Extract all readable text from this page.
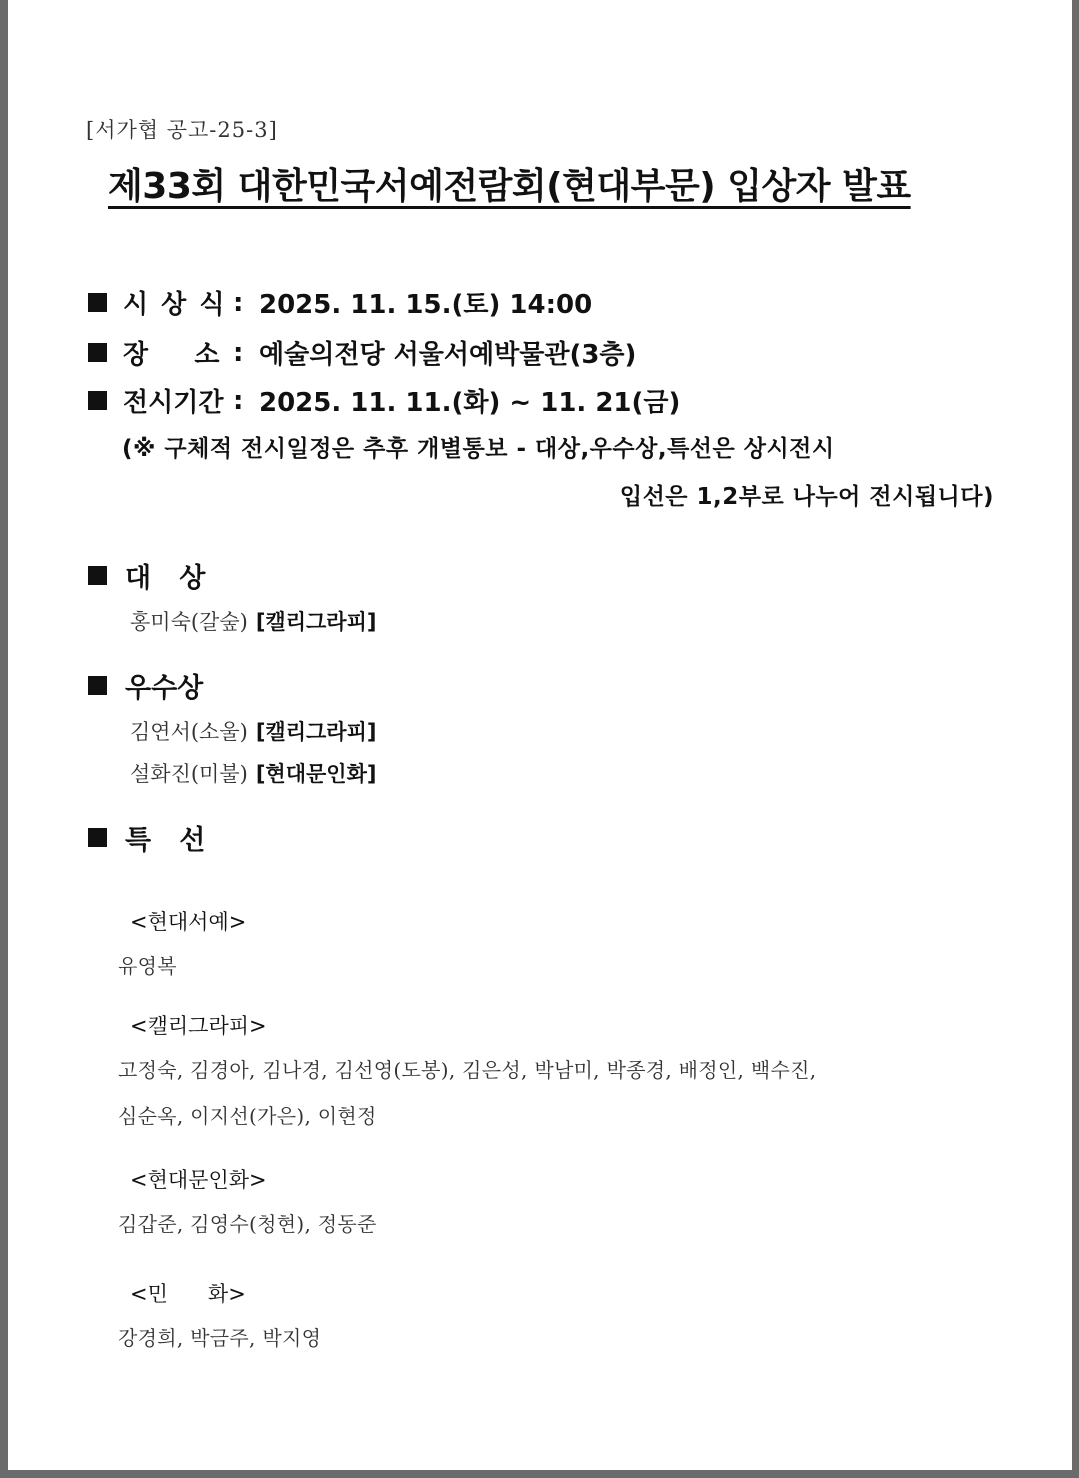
[서가협 공고-25-3]
제33회 대한민국서예전람회(현대부문) 입상자 발표
시 상 식 : 2025. 11. 15.(토) 14:00
장    소 : 예술의전당 서울서예박물관(3층)
전시기간 : 2025. 11. 11.(화) ~ 11. 21(금)
(※ 구체적 전시일정은 추후 개별통보 - 대상,우수상,특선은 상시전시
입선은 1,2부로 나누어 전시됩니다)
대   상
홍미숙(갈숲) [캘리그라피]
우수상
김연서(소울) [캘리그라피]
설화진(미불) [현대문인화]
특   선
<현대서예>
유영복
<캘리그라피>
고정숙, 김경아, 김나경, 김선영(도봉), 김은성, 박남미, 박종경, 배정인, 백수진,
심순옥, 이지선(가은), 이현정
<현대문인화>
김갑준, 김영수(청현), 정동준
<민      화>
강경희, 박금주, 박지영
